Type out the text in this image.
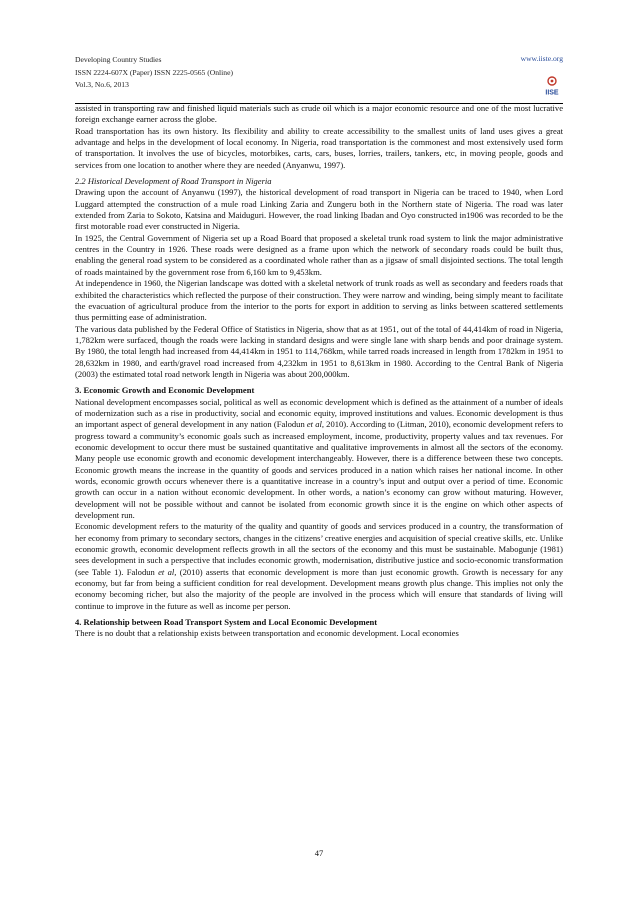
Developing Country Studies
ISSN 2224-607X (Paper) ISSN 2225-0565 (Online)
Vol.3, No.6, 2013
www.iiste.org
IISE

assisted in transporting raw and finished liquid materials such as crude oil which is a major economic resource and one of the most lucrative foreign exchange earner across the globe.

Road transportation has its own history. Its flexibility and ability to create accessibility to the smallest units of land uses gives a great advantage and helps in the development of local economy. In Nigeria, road transportation is the commonest and most extensively used form of transportation. It involves the use of bicycles, motorbikes, carts, cars, buses, lorries, trailers, tankers, etc, in moving people, goods and services from one location to another where they are needed (Anyanwu, 1997).

2.2 Historical Development of Road Transport in Nigeria

Drawing upon the account of Anyanwu (1997), the historical development of road transport in Nigeria can be traced to 1940, when Lord Luggard attempted the construction of a mule road Linking Zaria and Zungeru both in the Northern state of Nigeria. The road was later extended from Zaria to Sokoto, Katsina and Maiduguri. However, the road linking Ibadan and Oyo constructed in1906 was recorded to be the first motorable road ever constructed in Nigeria.

In 1925, the Central Government of Nigeria set up a Road Board that proposed a skeletal trunk road system to link the major administrative centres in the Country in 1926. These roads were designed as a frame upon which the network of secondary roads could be built thus, enabling the general road system to be considered as a coordinated whole rather than as a jigsaw of small disjointed sections. The total length of roads maintained by the government rose from 6,160 km to 9,453km.

At independence in 1960, the Nigerian landscape was dotted with a skeletal network of trunk roads as well as secondary and feeders roads that exhibited the characteristics which reflected the purpose of their construction. They were narrow and winding, being simply meant to facilitate the evacuation of agricultural produce from the interior to the ports for export in addition to serving as links between scattered settlements thus permitting ease of administration.

The various data published by the Federal Office of Statistics in Nigeria, show that as at 1951, out of the total of 44,414km of road in Nigeria, 1,782km were surfaced, though the roads were lacking in standard designs and were single lane with sharp bends and poor drainage system. By 1980, the total length had increased from 44,414km in 1951 to 114,768km, while tarred roads increased in length from 1782km in 1951 to 28,632km in 1980, and earth/gravel road increased from 4,232km in 1951 to 8,613km in 1980. According to the Central Bank of Nigeria (2003) the estimated total road network length in Nigeria was about 200,000km.

3. Economic Growth and Economic Development

National development encompasses social, political as well as economic development which is defined as the attainment of a number of ideals of modernization such as a rise in productivity, social and economic equity, improved institutions and values. Economic development is thus an important aspect of general development in any nation (Falodun et al, 2010). According to (Litman, 2010), economic development refers to progress toward a community’s economic goals such as increased employment, income, productivity, property values and tax revenues. For economic development to occur there must be sustained quantitative and qualitative improvements in almost all the sectors of the economy. Many people use economic growth and economic development interchangeably. However, there is a difference between these two concepts. Economic growth means the increase in the quantity of goods and services produced in a nation which raises her national income. In other words, economic growth occurs whenever there is a quantitative increase in a country’s input and output over a period of time. Economic growth can occur in a nation without economic development. In other words, a nation’s economy can grow without maturing. However, development will not be possible without and cannot be isolated from economic growth since it is the engine on which other aspects of development run.

Economic development refers to the maturity of the quality and quantity of goods and services produced in a country, the transformation of her economy from primary to secondary sectors, changes in the citizens’ creative energies and acquisition of special creative skills, etc. Unlike economic growth, economic development reflects growth in all the sectors of the economy and this must be sustainable. Mabogunje (1981) sees development in such a perspective that includes economic growth, modernisation, distributive justice and socio-economic transformation (see Table 1). Falodun et al, (2010) asserts that economic development is more than just economic growth. Growth is necessary for any economy, but far from being a sufficient condition for real development. Development means growth plus change. This implies not only the economy becoming richer, but also the majority of the people are involved in the process which will ensure that standards of living will continue to improve in the future as well as income per person.

4. Relationship between Road Transport System and Local Economic Development

There is no doubt that a relationship exists between transportation and economic development. Local economies

47
